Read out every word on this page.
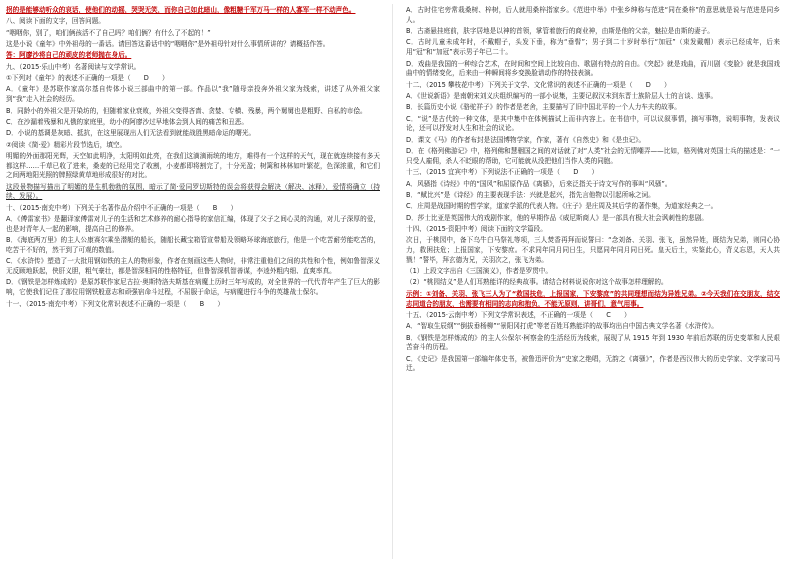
拐的是能够动听众的哀话，使他们的动摇，哭哭无笑，而你自己如此暗山，像粗糖千军万马一样的人寡军一样不动声色。

八、阅读下面的文字，回答问题。

“咽咽你，别了，咱们俩孩活不了自己吗？咱们俩？有什么了不起的！”

这是小说《童年》中外祖母的一番话。请回答这番话中的“咽咽你”是外祖母针对什么事情所讲的？请概括作答。

答：阿廖沙将自己的顽皮的老师抛在身后。

九、（2015·乐山中考）名著阅读与文学常识。

①下列对《童年》的表述不正确的一项是（　　D　　）

A．《童年》是苏联作家高尔基自传体小说三部曲中的第一部。作品以“我”随母亲投奔外祖父家为线索，讲述了从外祖父家到“我”走入社会的经历。

B．同龄小的外祖父是开染坊的，但随着家业衰败，外祖父变得吝啬、贪婪、专横、残暴，两个舅舅也是粗野、自私的市侩。

C．在沙漏着残暴和凡俄的家庭里，幼小的阿廖沙过早地体会到人间的痛苦和丑恶。

D．小说的基调是灰暗、抵抗，在这里展现出人们无法看到就能战胜黑暗命运的曙光。

②阅读《简·爱》精彩片段节选后，填空。

明媚的外面那阳光辉，天空如此明净，太阳明如此亮，在我们这滴滴雨统的地方，难得有一个这样的天气，现在就连续接有多天都这样……千草已收了进来，桑麦的已经用完了收割，小麦都即将割完了，十分光盈；树篱和林林如叶繁花，色深浓重，和它们之间两地阳光照的牌照绿黄草地形成很好的对比。

这段景物描写描出了明媚的是生机勃勃的氛围，暗示了简·爱同罗切斯特的误会将获得会解决（解决、冰释），爱情将确立（持续、发展）。

十、（2015·南充中考）下列关于名著作品介绍中不正确的一项是（　　B　　）

A．《傅雷家书》是翻译家傅雷对儿子的生活和艺术修养的耐心指导的家信汇编，体现了父子之间心灵的沟通，对儿子深厚的爱，也是对青年人一起的影响，提高自己的修养。

B．《海底两万里》的主人公康赛尔乘坐潜艇的船长，随船长藏宝箱管宣带船及领略环球海底旅行，他是一个吃苦耐劳能吃苦的，吃苦干不好的，然干到了可观的数值。

C．《水浒传》塑造了一大批用钢如铁的主人的物形象，作者在刻画这些人物时，非常注重他们之间的共性和个性，例如鲁智深义无反顾地跃起，侠肝义胆，粗气豪壮，都是智深相同的性格特征，但鲁智深机智善谋，李逵外粗内细、直爽率真。

D．《钢铁是怎样炼成的》是原苏联作家尼古拉·奥斯特洛夫斯基在病魔上历时三年写成的，对全世界的一代代青年产生了巨大的影响，它使我们记住了那位用钢铁般意志和顽强宿命斗过程，不屈服于命运，与病魔进行斗争的英雄战士保尔。

十一、（2015·南充中考）下列文化常识表述不正确的一项是（　　B　　）

A．古时住宅旁常栽桑树、梓树，后人就用桑梓指家乡。《范进中举》中张乡绅称与范进“同在桑梓”的意思就是说与范进是同乡人。

B．古斋悬挂庭前，肤字居地是以神的首领，掌管着旅行的商业神，由斯是他的父亲，魅拉是由斯的妻子。

C．古时儿童未成年时，不戴帽子，头发下垂，称为“垂髫”；男子到二十岁时举行“加冠”（束发戴帽）表示已经成年，后来用“冠”和“加冠”表示男子年已二十。

D．戏曲是我国的一种综合艺术，在时间和空间上比较自由、歌剧有特点的自由。《突起》就是戏曲，而川剧《变脸》就是我国戏曲中的情绪变化，后来由一种瞬间将乡变换脸谱动作的特技表演。

十二、（2015 攀枝花中考）下列关于文学、文化常识的表述不正确的一项是（　　D　　）

A．《世说新语》是南朝宋刘义庆组织编写的一部小说集，主要记叙汉末到东晋士族阶层人士的言谈、逸事。

B．长篇历史小说《骆驼祥子》的作者是老舍，主要描写了旧中国北平的一个人力车夫的故事。

C．“说”是古代的一种文体，是其中集中在体例描试上而非内容上。在书信中，可以议叙事情，摘写事物，说明事物，发表议论，还可以抒发对人生和社会的议论。

D．课文《马》的作者布封是法国博物学家，作家，著有《自然史》和《是虫记》。

D．在《格列佛游记》中，格列佛和慧骃国之间的对话就了对“人类”社会的无情嘲弄——比如，格列佛对英国士兵的描述是：“一只受人雇佣，杀人不眨眼的帮助，它可能就从没把他们当作人类的同胞。

十三、（2015 宜宾中考）下列说法不正确的一项是（　　D　　）

A．风骚指《诗经》中的“国风”和屈原作品《离骚》，后来泛指关于诗文写作的事叫“风骚”。

B．“赋比兴”是《诗经》的主要表现手法：兴就是起兴，指先言他物以引起所咏之词。

C．庄周是战国时期的哲学家，道家学派的代表人物。《庄子》是庄周及其后学的著作集，为道家经典之一。

D．莎士比亚是英国伟大的戏剧作家，他的早期作品《威尼斯商人》是一部具有极大社会讽刺性的悲剧。

十四、（2015·资阳中考）阅读下面的文学篇段。

次日，于桃园中，备下乌牛白马祭礼等项，三人焚香再拜而说誓曰：“念刘备、关羽、张飞，虽然异姓，既结为兄弟，则同心协力，救困扶危；上报国家，下安黎庶。不求同年同月同日生，只愿同年同月同日死。皇天后土，实鉴此心，背义忘恩，天人共戮！”誓毕，拜玄德为兄，关羽次之，张飞为弟。

（1）上段文字出自《三国演义》，作者是罗贯中。

（2）“桃园结义”是人们耳熟能详的经典故事。请结合材料说说你对这个故事怎样理解的。

示例：①刘备、关羽、张飞三人为了“救国扶危，上报国家，下安黎庶”的共同理想而结为异姓兄弟。②今天我们在交朋友，结交志同道合的朋友，也需要有相同的志向和抱负，不能无原则，讲哥们，意气用事。

十五、（2015·云南中考）下列文学常识表述，不正确的一项是（　　C　　）

A．“智取生辰纲”“倒拔垂杨柳”“景阳冈打虎”等老百姓耳熟能详的故事均出自中国古典文学名著《水浒传》。

B．《钢铁是怎样炼成的》的主人公保尔·柯察金的生活经历为线索，展现了从 1915 年到 1930 年前后苏联的历史变革和人民艰苦奋斗的历程。

C．《史记》是我国第一部编年体史书，被鲁迅评价为“史家之绝唱，无韵之《离骚》”，作者是西汉伟大的历史学家、文学家司马迁。
